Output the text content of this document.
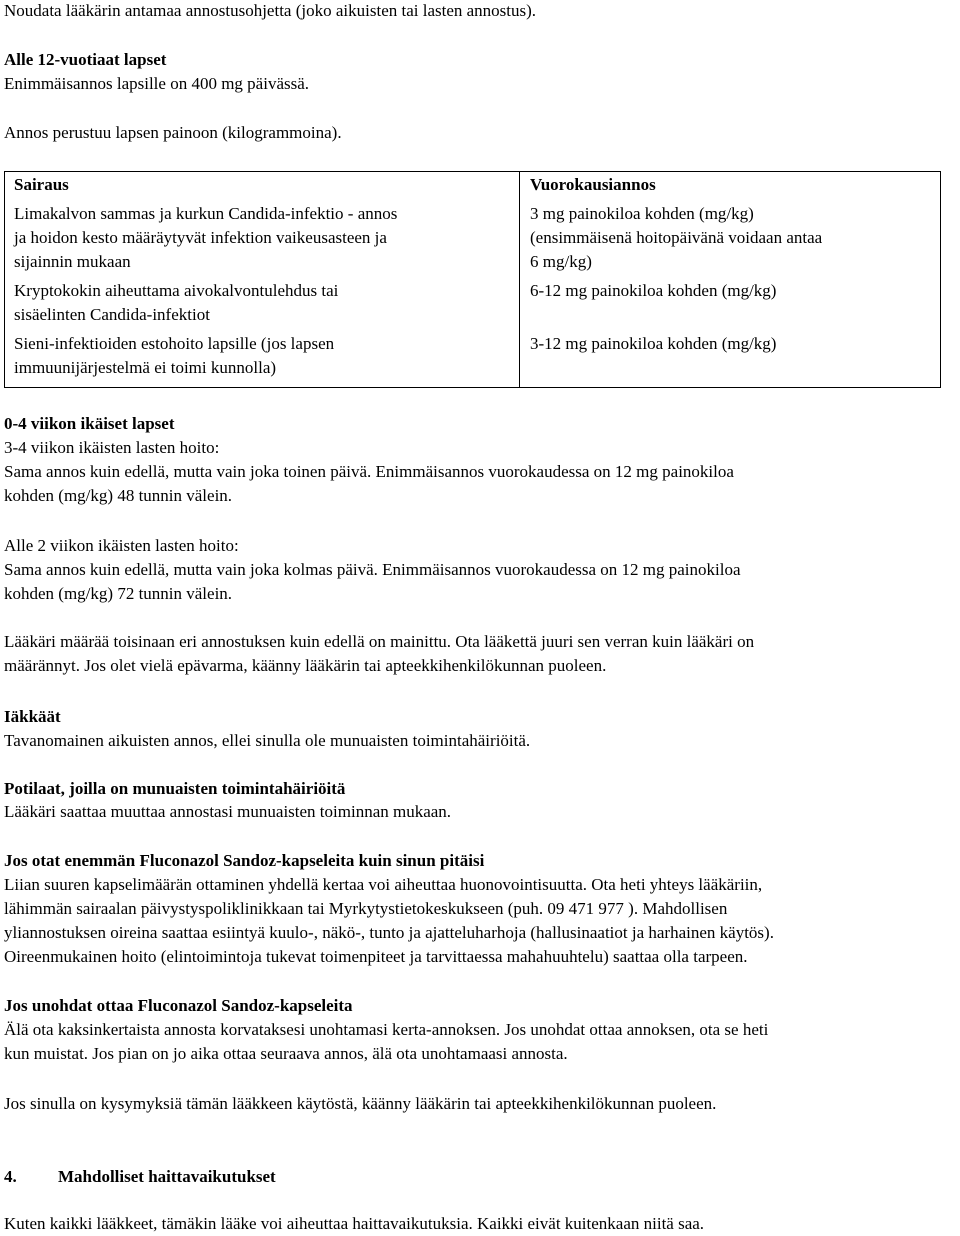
Noudata lääkärin antamaa annostusohjetta (joko aikuisten tai lasten annostus).
Alle 12-vuotiaat lapset
Enimmäisannos lapsille on 400 mg päivässä.
Annos perustuu lapsen painoon (kilogrammoina).
Sairaus	Vuorokausiannos
Limakalvon sammas ja kurkun Candida-infektio - annos
ja hoidon kesto määräytyvät infektion vaikeusasteen ja
sijainnin mukaan
3 mg painokiloa kohden (mg/kg)
(ensimmäisenä hoitopäivänä voidaan antaa
6 mg/kg)
Kryptokokin aiheuttama aivokalvontulehdus tai
sisäelinten Candida-infektiot
6-12 mg painokiloa kohden (mg/kg)
Sieni-infektioiden estohoito lapsille (jos lapsen
immuunijärjestelmä ei toimi kunnolla)
3-12 mg painokiloa kohden (mg/kg)
0-4 viikon ikäiset lapset
3-4 viikon ikäisten lasten hoito:
Sama annos kuin edellä, mutta vain joka toinen päivä. Enimmäisannos vuorokaudessa on 12 mg painokiloa
kohden (mg/kg) 48 tunnin välein.
Alle 2 viikon ikäisten lasten hoito:
Sama annos kuin edellä, mutta vain joka kolmas päivä. Enimmäisannos vuorokaudessa on 12 mg painokiloa
kohden (mg/kg) 72 tunnin välein.
Lääkäri määrää toisinaan eri annostuksen kuin edellä on mainittu. Ota lääkettä juuri sen verran kuin lääkäri on
määrännyt. Jos olet vielä epävarma, käänny lääkärin tai apteekkihenkilökunnan puoleen.
Iäkkäät
Tavanomainen aikuisten annos, ellei sinulla ole munuaisten toimintahäiriöitä.
Potilaat, joilla on munuaisten toimintahäiriöitä
Lääkäri saattaa muuttaa annostasi munuaisten toiminnan mukaan.
Jos otat enemmän Fluconazol Sandoz-kapseleita kuin sinun pitäisi
Liian suuren kapselimäärän ottaminen yhdellä kertaa voi aiheuttaa huonovointisuutta. Ota heti yhteys lääkäriin,
lähimmän sairaalan päivystyspoliklinikkaan tai Myrkytystietokeskukseen (puh. 09 471 977 ). Mahdollisen
yliannostuksen oireina saattaa esiintyä kuulo-, näkö-, tunto ja ajatteluharhoja (hallusinaatiot ja harhainen käytös).
Oireenmukainen hoito (elintoimintoja tukevat toimenpiteet ja tarvittaessa mahahuuhtelu) saattaa olla tarpeen.
Jos unohdat ottaa Fluconazol Sandoz-kapseleita
Älä ota kaksinkertaista annosta korvataksesi unohtamasi kerta-annoksen. Jos unohdat ottaa annoksen, ota se heti
kun muistat. Jos pian on jo aika ottaa seuraava annos, älä ota unohtamaasi annosta.
Jos sinulla on kysymyksiä tämän lääkkeen käytöstä, käänny lääkärin tai apteekkihenkilökunnan puoleen.
4. Mahdolliset haittavaikutukset
Kuten kaikki lääkkeet, tämäkin lääke voi aiheuttaa haittavaikutuksia. Kaikki eivät kuitenkaan niitä saa.
